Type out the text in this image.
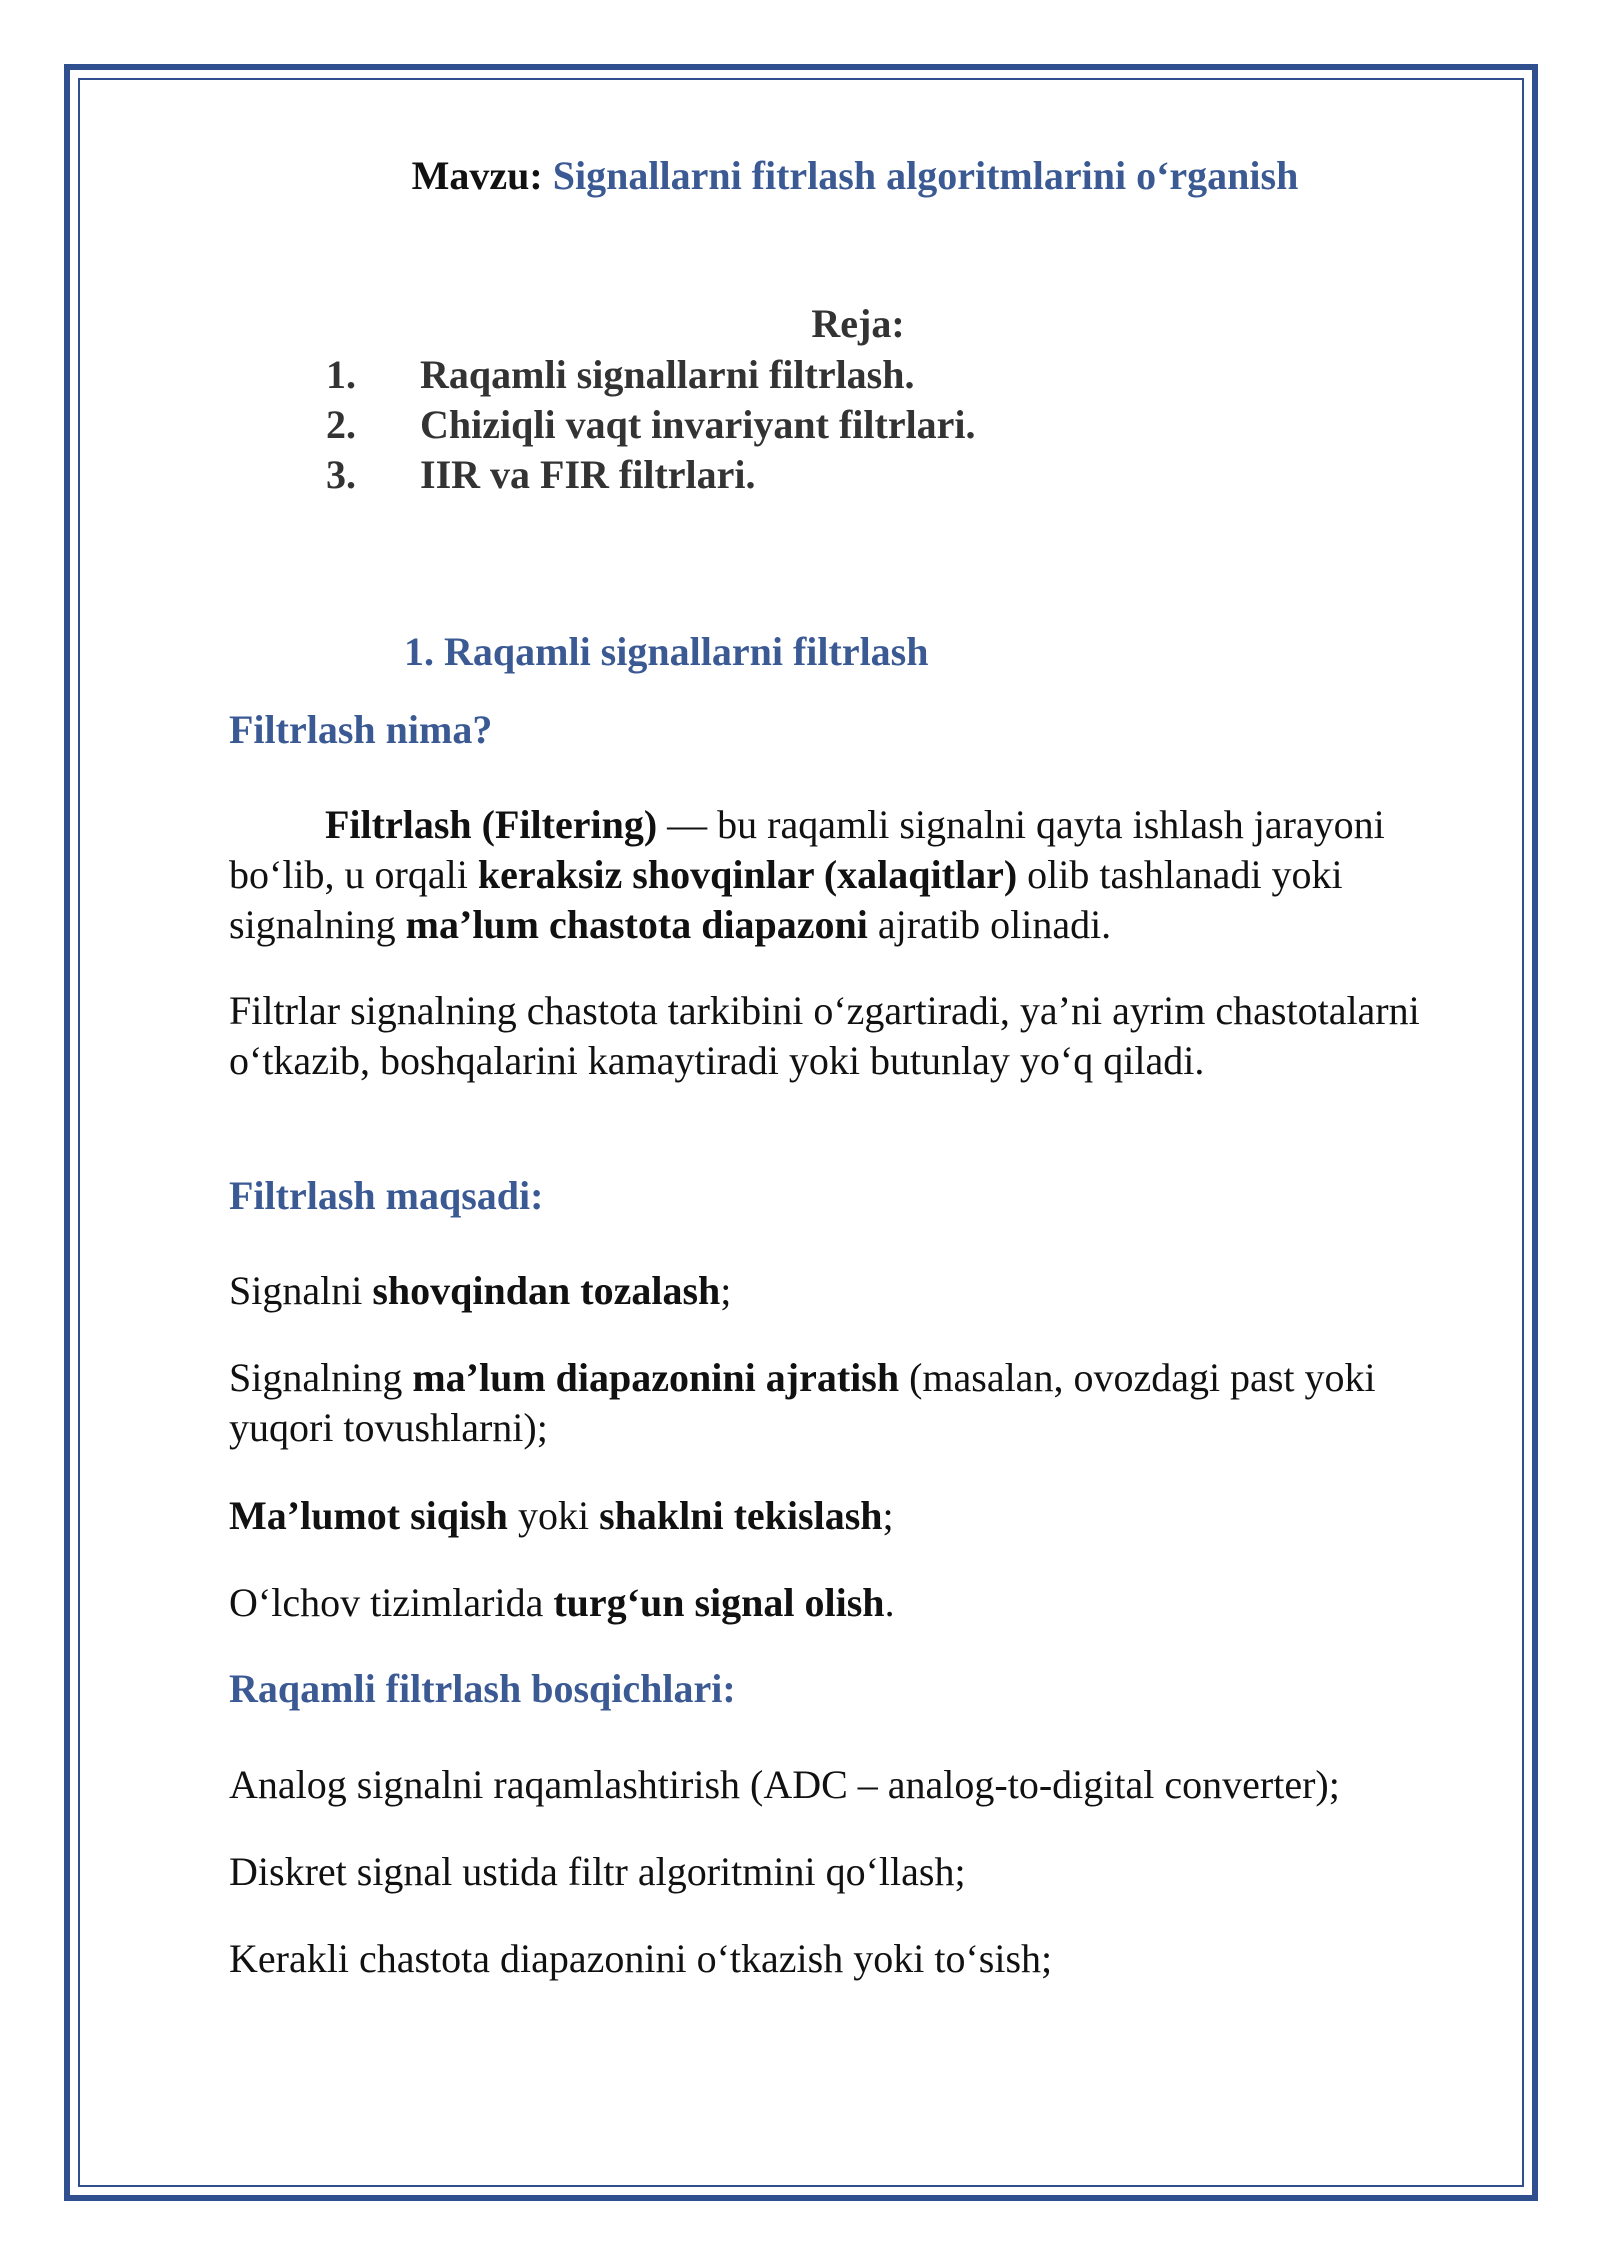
Mavzu: Signallarni fitrlash algoritmlarini o‘rganish
Reja:
1.	Raqamli signallarni filtrlash.
2.	Chiziqli vaqt invariyant filtrlari.
3.	IIR va FIR filtrlari.
1. Raqamli signallarni filtrlash
Filtrlash nima?

Filtrlash (Filtering) — bu raqamli signalni qayta ishlash jarayoni bo‘lib, u orqali keraksiz shovqinlar (xalaqitlar) olib tashlanadi yoki signalning ma’lum chastota diapazoni ajratib olinadi.

Filtrlar signalning chastota tarkibini o‘zgartiradi, ya’ni ayrim chastotalarni o‘tkazib, boshqalarini kamaytiradi yoki butunlay yo‘q qiladi.

Filtrlash maqsadi:

Signalni shovqindan tozalash;

Signalning ma’lum diapazonini ajratish (masalan, ovozdagi past yoki yuqori tovushlarni);

Ma’lumot siqish yoki shaklni tekislash;

O‘lchov tizimlarida turg‘un signal olish.

Raqamli filtrlash bosqichlari:

Analog signalni raqamlashtirish (ADC – analog-to-digital converter);

Diskret signal ustida filtr algoritmini qo‘llash;

Kerakli chastota diapazonini o‘tkazish yoki to‘sish;
